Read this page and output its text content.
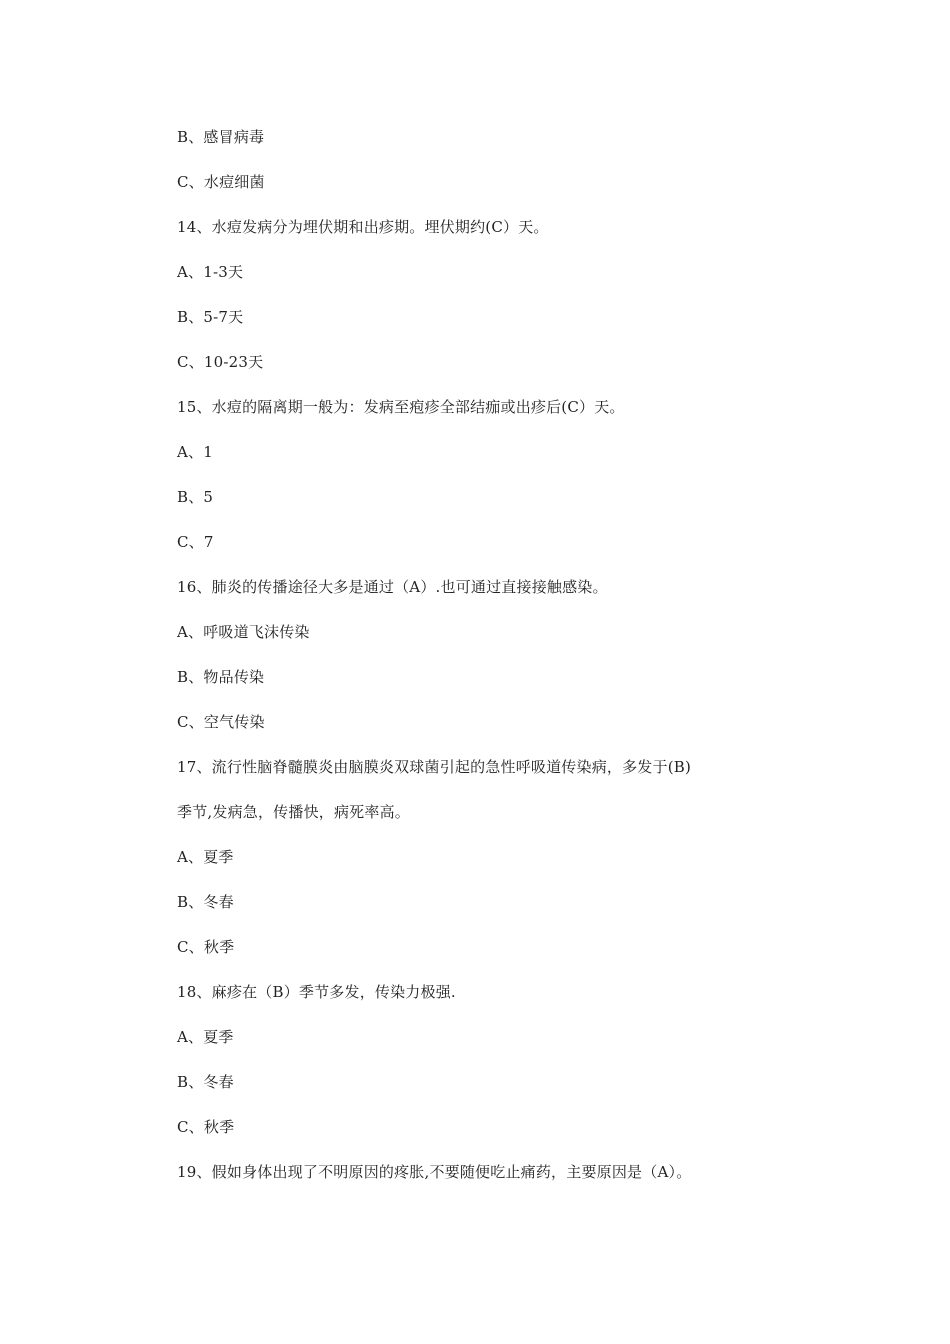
B、感冒病毒
C、水痘细菌
14、水痘发病分为埋伏期和出疹期。埋伏期约(C）天。
A、1-3天
B、5-7天
C、10-23天
15、水痘的隔离期一般为：发病至疱疹全部结痂或出疹后(C）天。
A、1
B、5
C、7
16、肺炎的传播途径大多是通过（A）.也可通过直接接触感染。
A、呼吸道飞沫传染
B、物品传染
C、空气传染
17、流行性脑脊髓膜炎由脑膜炎双球菌引起的急性呼吸道传染病，多发于(B)
季节,发病急，传播快，病死率高。
A、夏季
B、冬春
C、秋季
18、麻疹在（B）季节多发，传染力极强.
A、夏季
B、冬春
C、秋季
19、假如身体出现了不明原因的疼胀,不要随便吃止痛药，主要原因是（A）。
